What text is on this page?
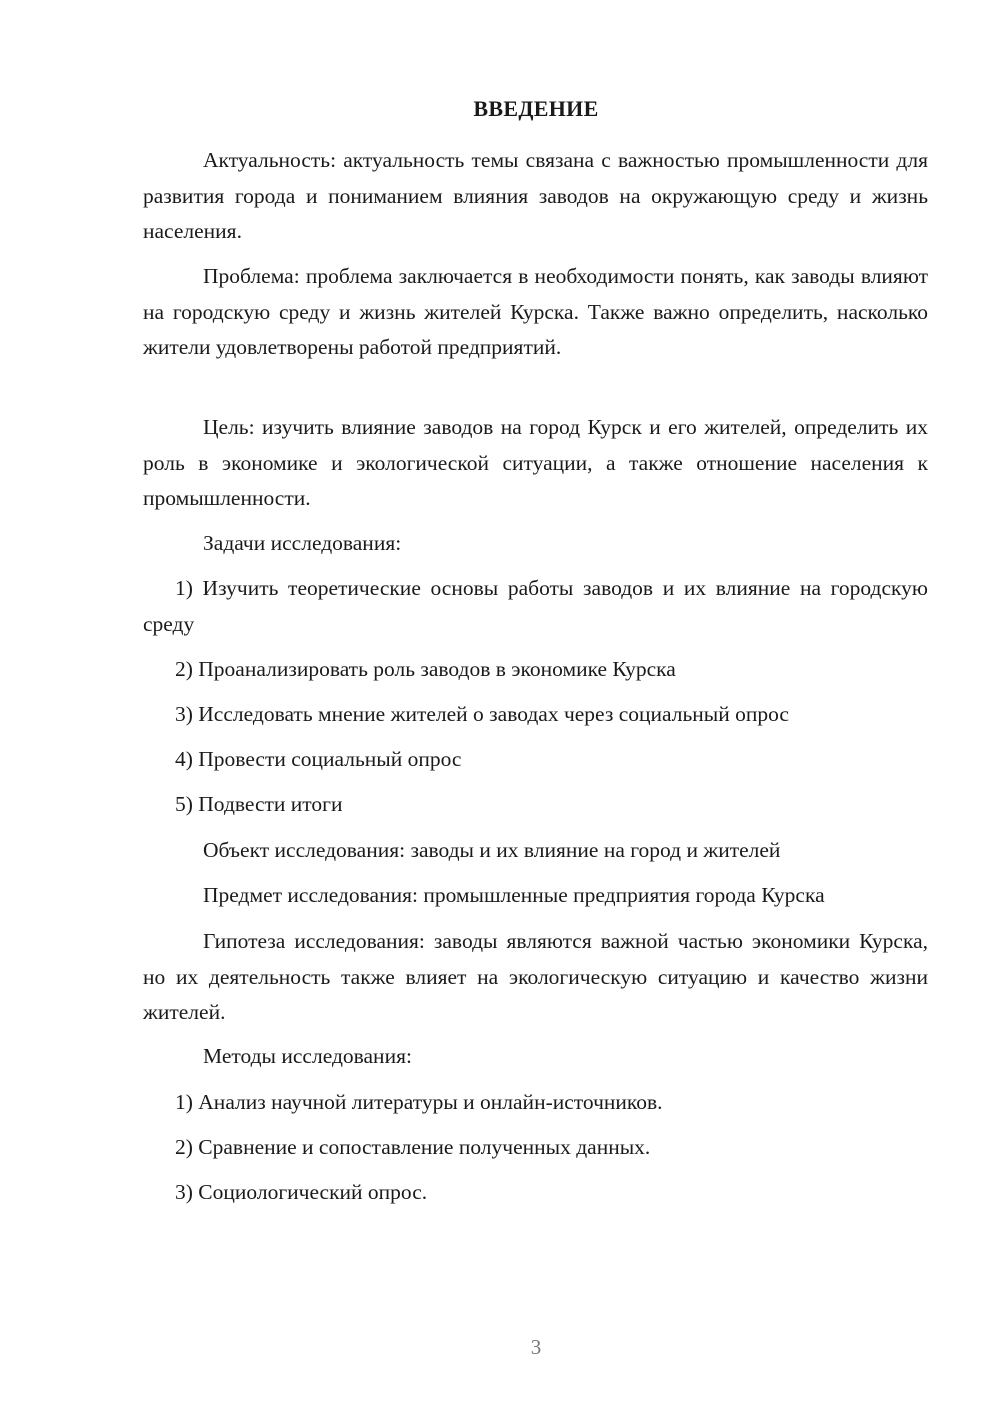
ВВЕДЕНИЕ

Актуальность: актуальность темы связана с важностью промышленности для развития города и пониманием влияния заводов на окружающую среду и жизнь населения.

Проблема: проблема заключается в необходимости понять, как заводы влияют на городскую среду и жизнь жителей Курска. Также важно определить, насколько жители удовлетворены работой предприятий.

Цель: изучить влияние заводов на город Курск и его жителей, определить их роль в экономике и экологической ситуации, а также отношение населения к промышленности.

Задачи исследования:

1) Изучить теоретические основы работы заводов и их влияние на городскую среду

2) Проанализировать роль заводов в экономике Курска
3) Исследовать мнение жителей о заводах через социальный опрос
4) Провести социальный опрос
5) Подвести итоги
Объект исследования: заводы и их влияние на город и жителей
Предмет исследования: промышленные предприятия города Курска

Гипотеза исследования: заводы являются важной частью экономики Курска, но их деятельность также влияет на экологическую ситуацию и качество жизни жителей.

Методы исследования:
1) Анализ научной литературы и онлайн-источников.
2) Сравнение и сопоставление полученных данных.
3) Социологический опрос.
3
